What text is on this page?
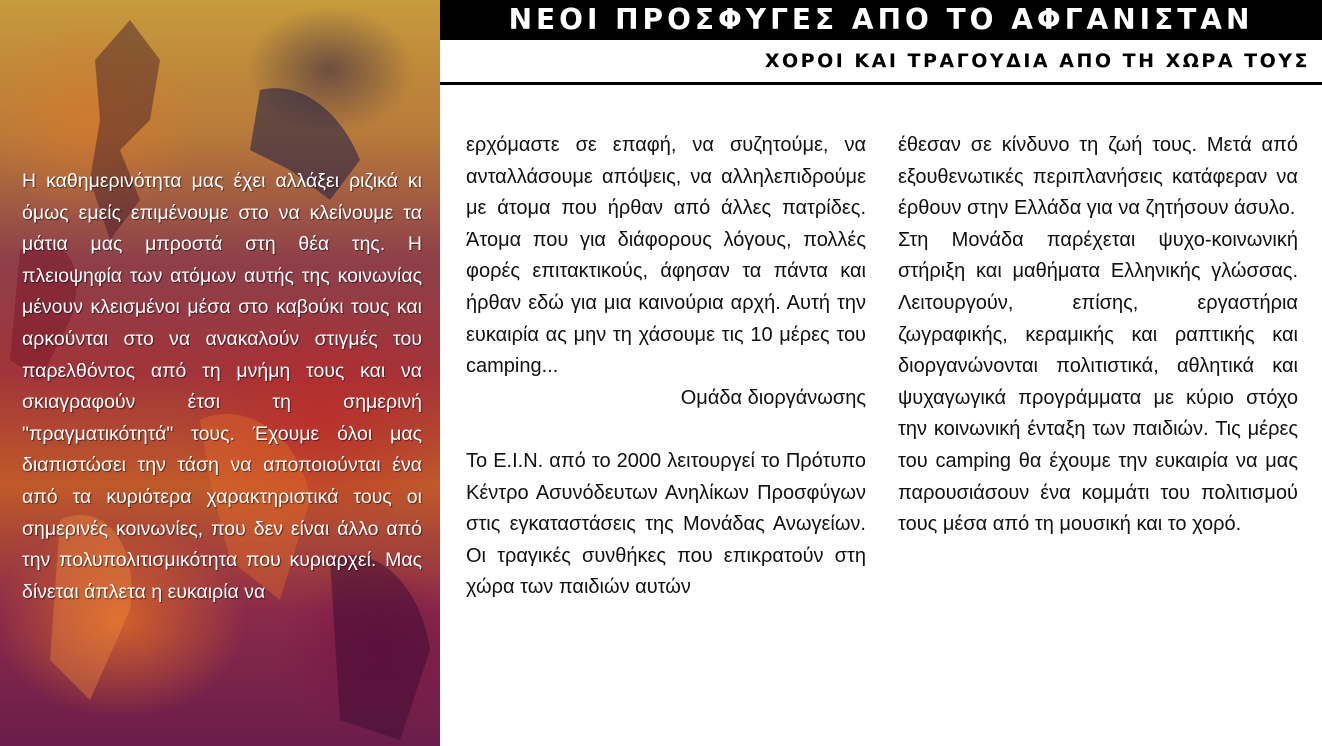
Η καθημερινότητα μας έχει αλλάξει ριζικά κι όμως εμείς επιμένουμε στο να κλείνουμε τα μάτια μας μπροστά στη θέα της. Η πλειοψηφία των ατόμων αυτής της κοινωνίας μένουν κλεισμένοι μέσα στο καβούκι τους και αρκούνται στο να ανακαλούν στιγμές του παρελθόντος από τη μνήμη τους και να σκιαγραφούν έτσι τη σημερινή "πραγματικότητά" τους. Έχουμε όλοι μας διαπιστώσει την τάση να αποποιούνται ένα από τα κυριότερα χαρακτηριστικά τους οι σημερινές κοινωνίες, που δεν είναι άλλο από την πολυπολιτισμικότητα που κυριαρχεί. Μας δίνεται άπλετα η ευκαιρία να
ΝΕΟΙ ΠΡΟΣΦΥΓΕΣ ΑΠΟ ΤΟ ΑΦΓΑΝΙΣΤΑΝ
ΧΟΡΟΙ ΚΑΙ ΤΡΑΓΟΥΔΙΑ ΑΠΟ ΤΗ ΧΩΡΑ ΤΟΥΣ

ερχόμαστε σε επαφή, να συζητούμε, να ανταλλάσουμε απόψεις, να αλληλεπιδρούμε με άτομα που ήρθαν από άλλες πατρίδες. Άτομα που για διάφορους λόγους, πολλές φορές επιτακτικούς, άφησαν τα πάντα και ήρθαν εδώ για μια καινούρια αρχή. Αυτή την ευκαιρία ας μην τη χάσουμε τις 10 μέρες του camping...

Ομάδα διοργάνωσης

Το Ε.Ι.Ν. από το 2000 λειτουργεί το Πρότυπο Κέντρο Ασυνόδευτων Ανηλίκων Προσφύγων στις εγκαταστάσεις της Μονάδας Ανωγείων. Οι τραγικές συνθήκες που επικρατούν στη χώρα των παιδιών αυτών

έθεσαν σε κίνδυνο τη ζωή τους. Μετά από εξουθενωτικές περιπλανήσεις κατάφεραν να έρθουν στην Ελλάδα για να ζητήσουν άσυλο.

Στη Μονάδα παρέχεται ψυχο-κοινωνική στήριξη και μαθήματα Ελληνικής γλώσσας. Λειτουργούν, επίσης, εργαστήρια ζωγραφικής, κεραμικής και ραπτικής και διοργανώνονται πολιτιστικά, αθλητικά και ψυχαγωγικά προγράμματα με κύριο στόχο την κοινωνική ένταξη των παιδιών. Τις μέρες του camping θα έχουμε την ευκαιρία να μας παρουσιάσουν ένα κομμάτι του πολιτισμού τους μέσα από τη μουσική και το χορό.
